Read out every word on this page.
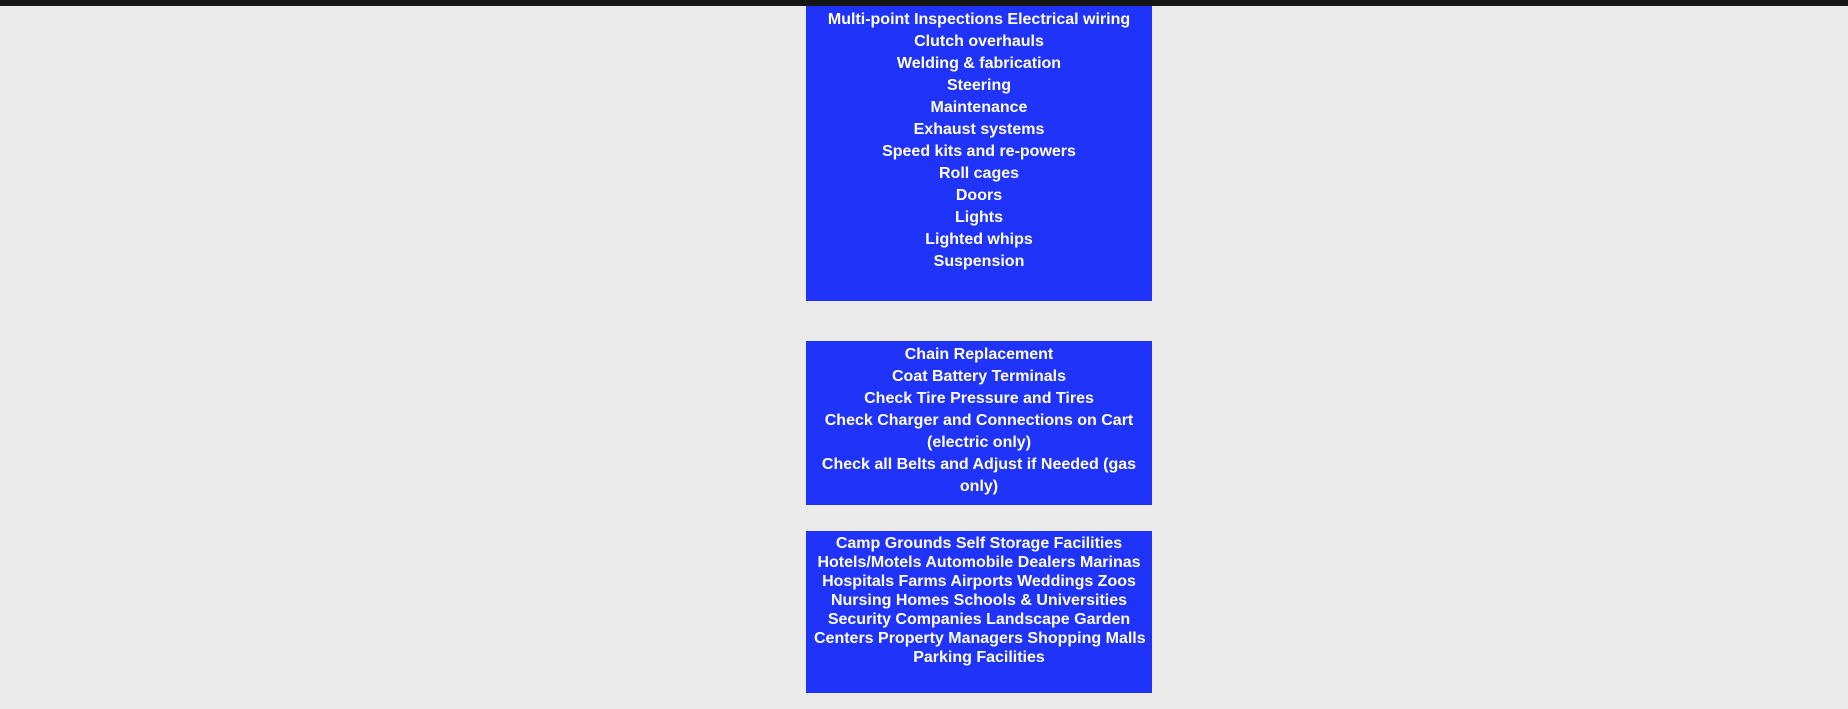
Multi-point Inspections Electrical wiring
Clutch overhauls
Welding & fabrication
Steering
Maintenance
Exhaust systems
Speed kits and re-powers
Roll cages
Doors
Lights
Lighted whips
Suspension
Chain Replacement
Coat Battery Terminals
Check Tire Pressure and Tires
Check Charger and Connections on Cart
(electric only)
Check all Belts and Adjust if Needed (gas
only)
Camp Grounds Self Storage Facilities
Hotels/Motels Automobile Dealers Marinas
Hospitals Farms Airports Weddings Zoos
Nursing Homes Schools & Universities
Security Companies Landscape Garden
Centers Property Managers Shopping Malls
Parking Facilities
